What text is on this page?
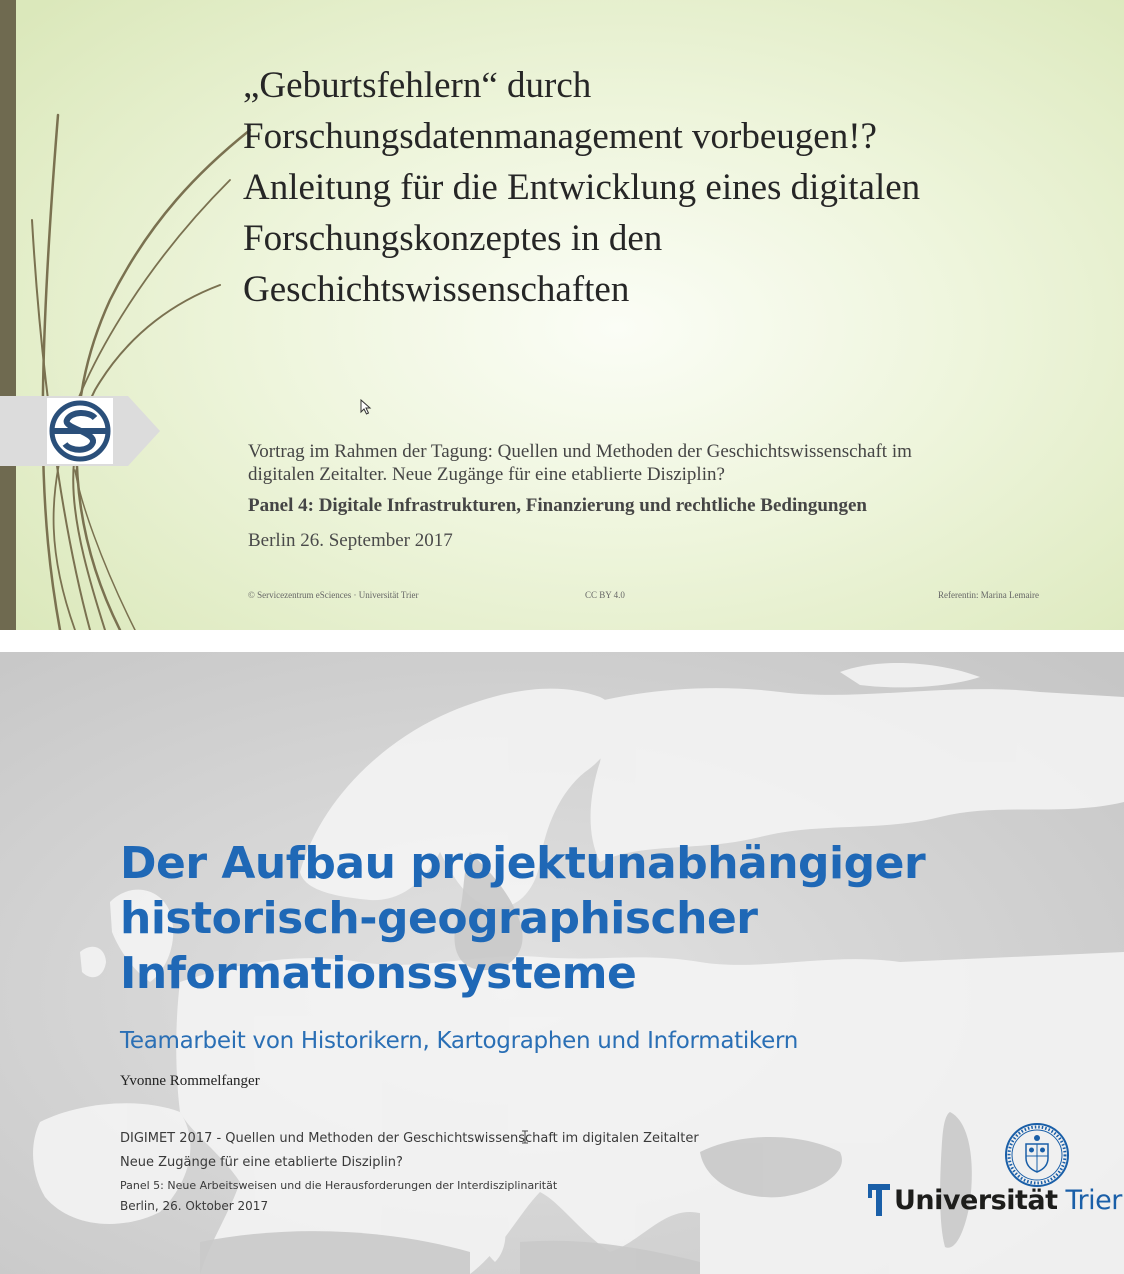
„Geburtsfehlern“ durch
Forschungsdatenmanagement vorbeugen!?
Anleitung für die Entwicklung eines digitalen
Forschungskonzeptes in den
Geschichtswissenschaften
Vortrag im Rahmen der Tagung: Quellen und Methoden der Geschichtswissenschaft im
digitalen Zeitalter. Neue Zugänge für eine etablierte Disziplin?
Panel 4: Digitale Infrastrukturen, Finanzierung und rechtliche Bedingungen
Berlin 26. September 2017
© Servicezentrum eSciences · Universität Trier	CC BY 4.0	Referentin: Marina Lemaire
Der Aufbau projektunabhängiger
historisch-geographischer
Informationssysteme
Teamarbeit von Historikern, Kartographen und Informatikern
Yvonne Rommelfanger
DIGIMET 2017 - Quellen und Methoden der Geschichtswissenschaft im digitalen Zeitalter
Neue Zugänge für eine etablierte Disziplin?
Panel 5: Neue Arbeitsweisen und die Herausforderungen der Interdisziplinarität
Berlin, 26. Oktober 2017	Universität Trier
